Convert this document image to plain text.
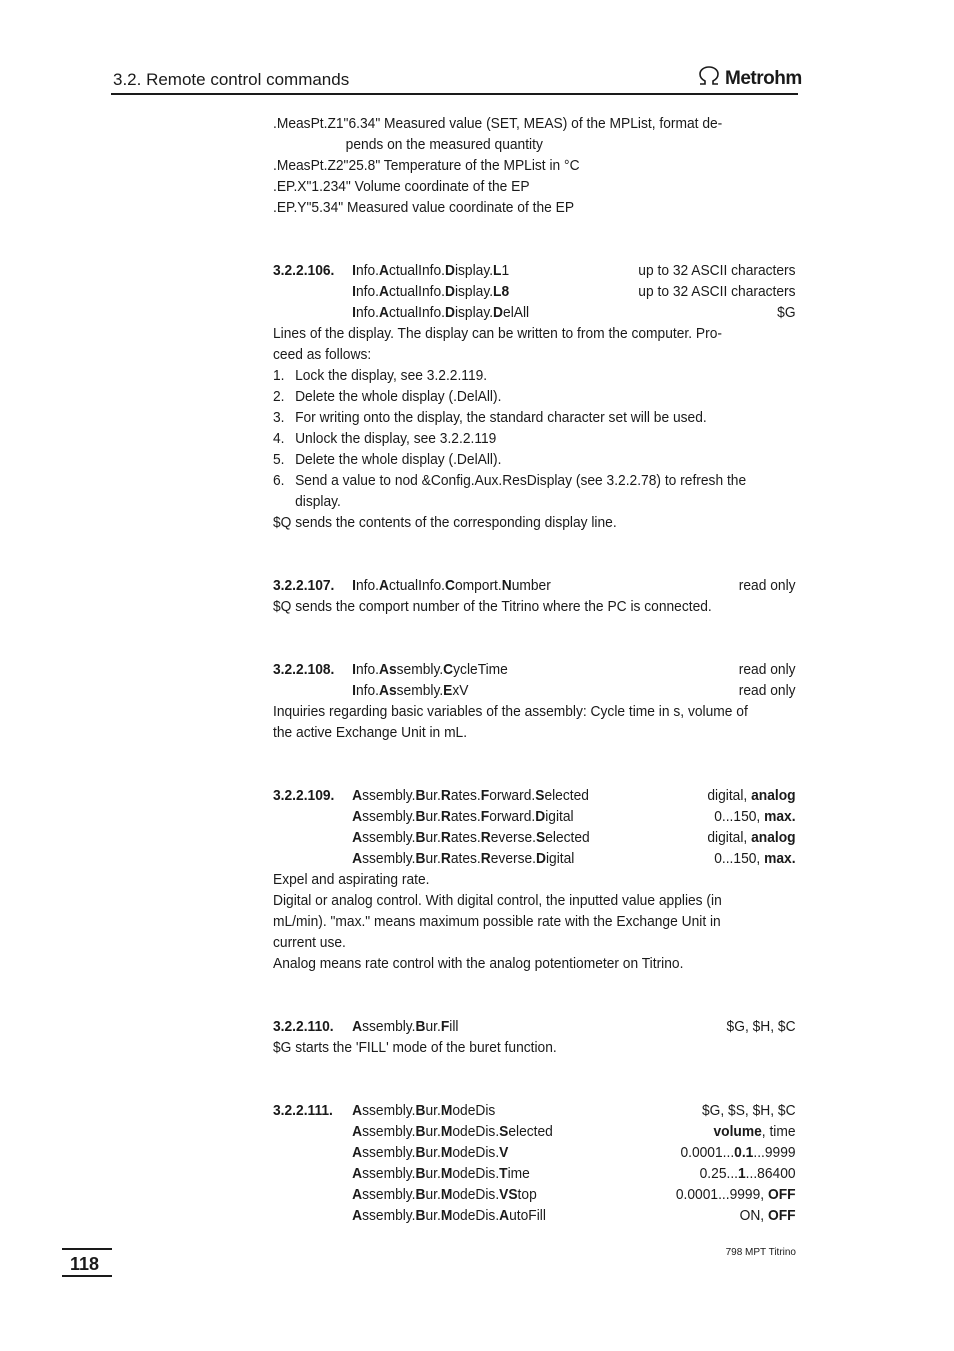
3.2. Remote control commands	Metrohm
.MeasPt.Z1"6.34" Measured value (SET, MEAS) of the MPList, format de-
pends on the measured quantity
.MeasPt.Z2"25.8" Temperature of the MPList in °C
.EP.X"1.234" Volume coordinate of the EP
.EP.Y"5.34" Measured value coordinate of the EP
3.2.2.106.	Info.ActualInfo.Display.L1	up to 32 ASCII characters
Info.ActualInfo.Display.L8	up to 32 ASCII characters
Info.ActualInfo.Display.DelAll	$G
Lines of the display. The display can be written to from the computer. Pro-
ceed as follows:
1. Lock the display, see 3.2.2.119.
2. Delete the whole display (.DelAll).
3. For writing onto the display, the standard character set will be used.
4. Unlock the display, see 3.2.2.119
5. Delete the whole display (.DelAll).
6. Send a value to nod &Config.Aux.ResDisplay (see 3.2.2.78) to refresh the
display.
$Q sends the contents of the corresponding display line.
3.2.2.107.	Info.ActualInfo.Comport.Number	read only
$Q sends the comport number of the Titrino where the PC is connected.
3.2.2.108.	Info.Assembly.CycleTime	read only
Info.Assembly.ExV	read only
Inquiries regarding basic variables of the assembly: Cycle time in s, volume of
the active Exchange Unit in mL.
3.2.2.109.	Assembly.Bur.Rates.Forward.Selected	digital, analog
Assembly.Bur.Rates.Forward.Digital	0...150, max.
Assembly.Bur.Rates.Reverse.Selected	digital, analog
Assembly.Bur.Rates.Reverse.Digital	0...150, max.
Expel and aspirating rate.
Digital or analog control. With digital control, the inputted value applies (in
mL/min). "max." means maximum possible rate with the Exchange Unit in
current use.
Analog means rate control with the analog potentiometer on Titrino.
3.2.2.110.	Assembly.Bur.Fill	$G, $H, $C
$G starts the 'FILL' mode of the buret function.
3.2.2.111.	Assembly.Bur.ModeDis	$G, $S, $H, $C
Assembly.Bur.ModeDis.Selected	volume, time
Assembly.Bur.ModeDis.V	0.0001...0.1...9999
Assembly.Bur.ModeDis.Time	0.25...1...86400
Assembly.Bur.ModeDis.VStop	0.0001...9999, OFF
Assembly.Bur.ModeDis.AutoFill	ON, OFF
118
798 MPT Titrino
